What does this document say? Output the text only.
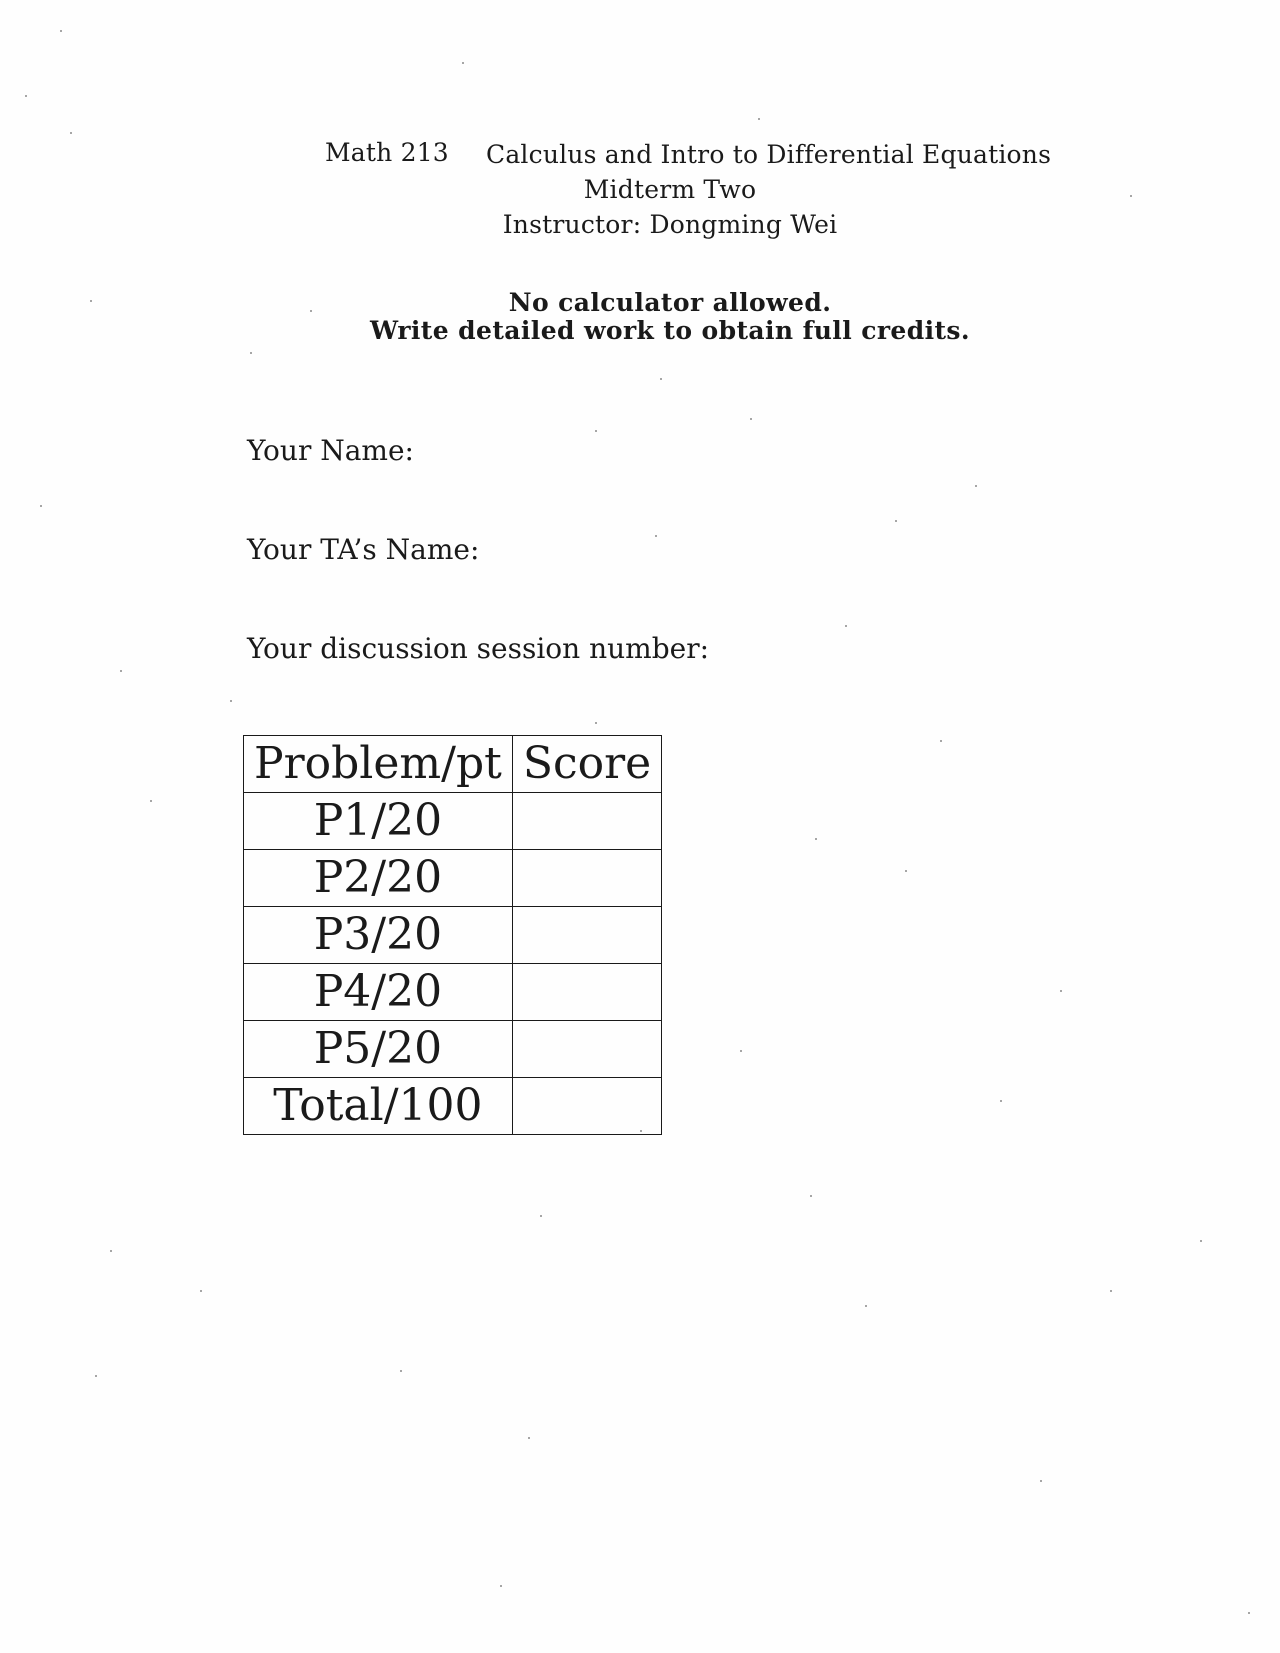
Math 213 Calculus and Intro to Differential Equations
Midterm Two
Instructor: Dongming Wei
No calculator allowed.
Write detailed work to obtain full credits.
Your Name:
Your TA’s Name:
Your discussion session number:
Problem/pt	Score
P1/20	
P2/20	
P3/20	
P4/20	
P5/20	
Total/100	
